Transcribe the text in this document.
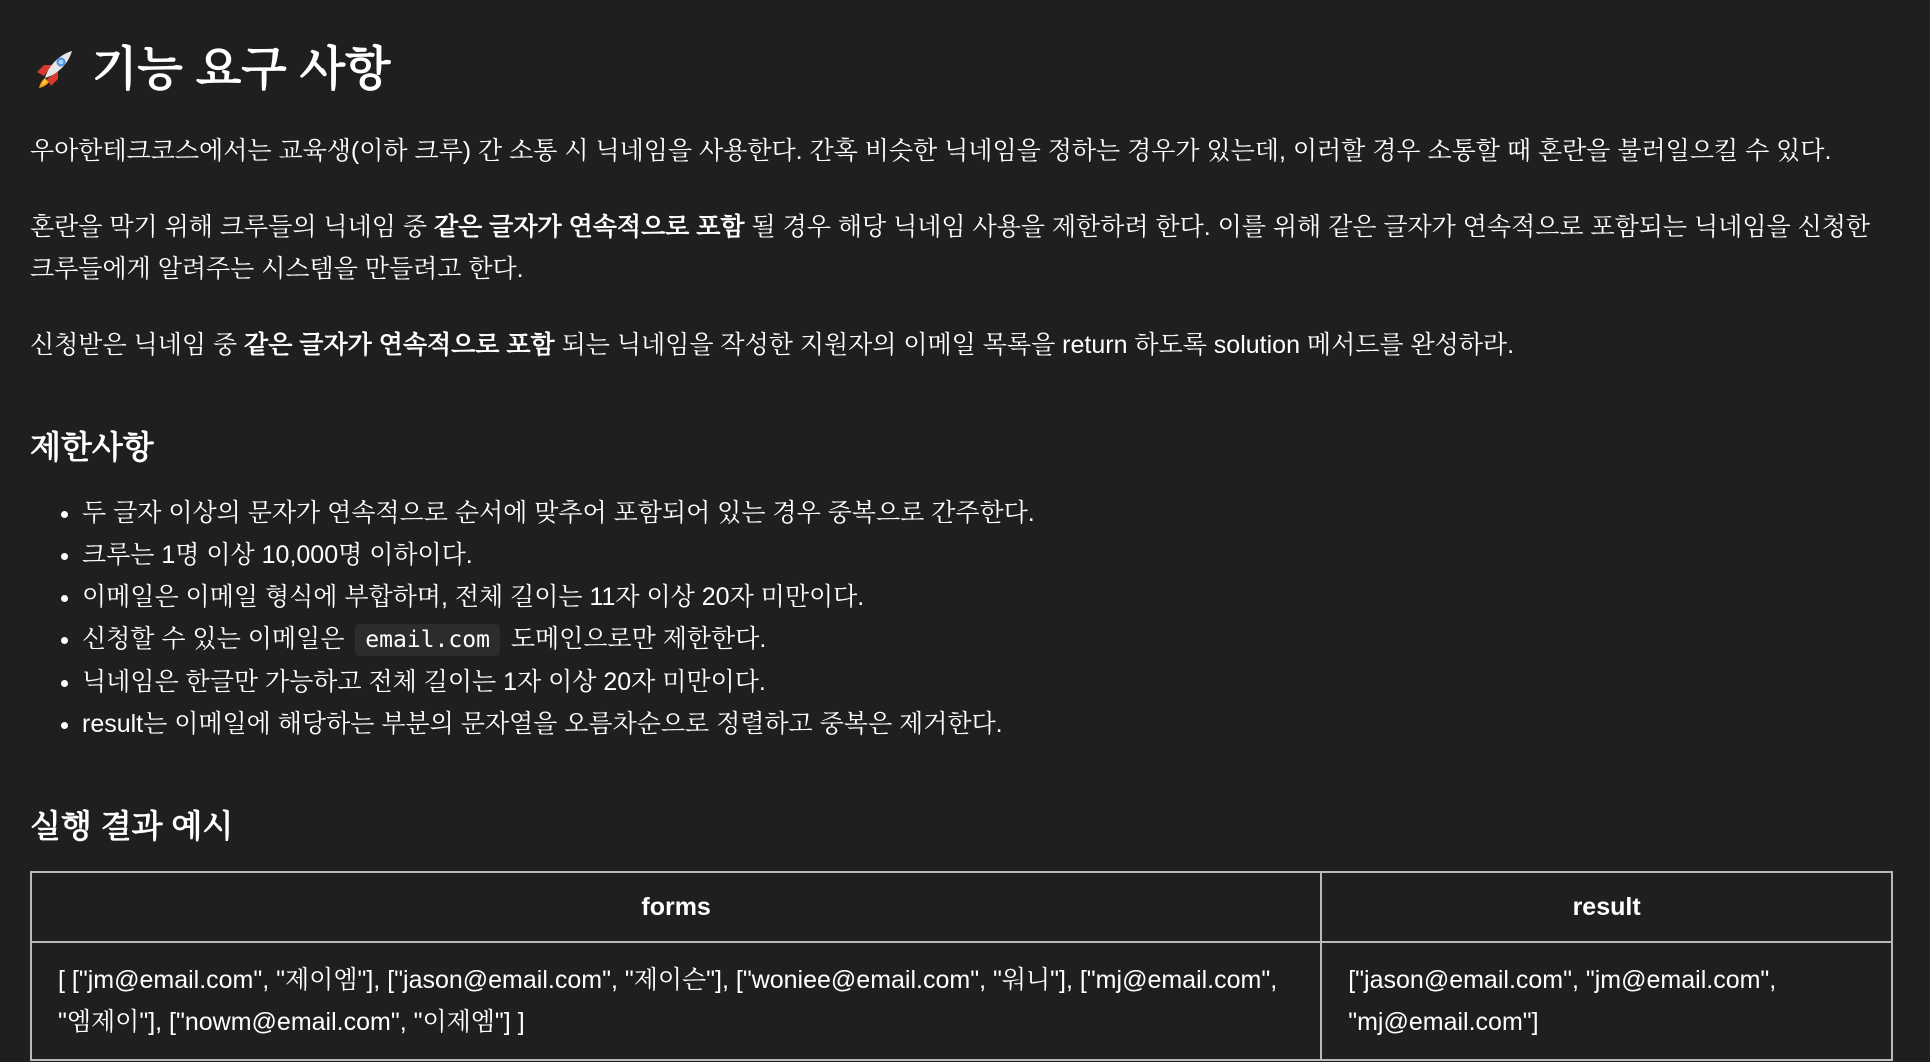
기능 요구 사항

우아한테크코스에서는 교육생(이하 크루) 간 소통 시 닉네임을 사용한다. 간혹 비슷한 닉네임을 정하는 경우가 있는데, 이러할 경우 소통할 때 혼란을 불러일으킬 수 있다.

혼란을 막기 위해 크루들의 닉네임 중 같은 글자가 연속적으로 포함 될 경우 해당 닉네임 사용을 제한하려 한다. 이를 위해 같은 글자가 연속적으로 포함되는 닉네임을 신청한 크루들에게 알려주는 시스템을 만들려고 한다.

신청받은 닉네임 중 같은 글자가 연속적으로 포함 되는 닉네임을 작성한 지원자의 이메일 목록을 return 하도록 solution 메서드를 완성하라.

제한사항
• 두 글자 이상의 문자가 연속적으로 순서에 맞추어 포함되어 있는 경우 중복으로 간주한다.
• 크루는 1명 이상 10,000명 이하이다.
• 이메일은 이메일 형식에 부합하며, 전체 길이는 11자 이상 20자 미만이다.
• 신청할 수 있는 이메일은 email.com 도메인으로만 제한한다.
• 닉네임은 한글만 가능하고 전체 길이는 1자 이상 20자 미만이다.
• result는 이메일에 해당하는 부분의 문자열을 오름차순으로 정렬하고 중복은 제거한다.
실행 결과 예시
forms	result
[ ["jm@email.com", "제이엠"], ["jason@email.com", "제이슨"], ["woniee@email.com", "워니"], ["mj@email.com", "엠제이"], ["nowm@email.com", "이제엠"] ]	["jason@email.com", "jm@email.com", "mj@email.com"]
